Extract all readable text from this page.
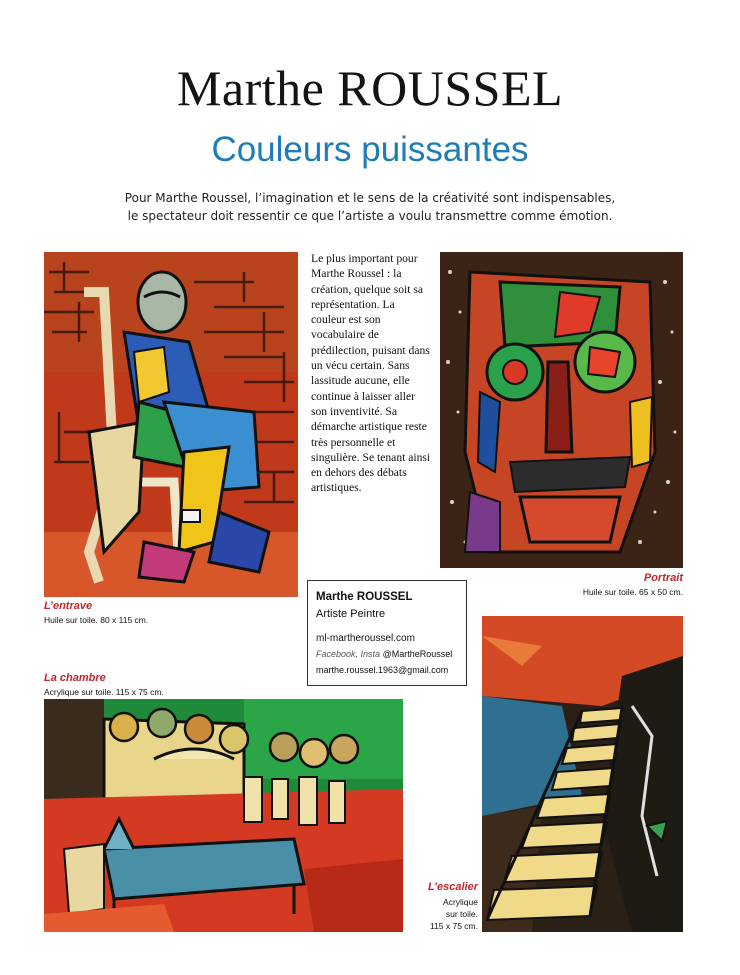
Marthe ROUSSEL
Couleurs puissantes
Pour Marthe Roussel, l’imagination et le sens de la créativité sont indispensables,
le spectateur doit ressentir ce que l’artiste a voulu transmettre comme émotion.
L’entrave
Huile sur toile. 80 x 115 cm.
Le plus important pour Marthe Roussel : la création, quelque soit sa représentation. La couleur est son vocabulaire de prédilection, puisant dans un vécu certain. Sans lassitude aucune, elle continue à laisser aller son inventivité. Sa démarche artistique reste très personnelle et singulière. Se tenant ainsi en dehors des débats artistiques.
Portrait
Huile sur toile. 65 x 50 cm.
Marthe ROUSSEL
Artiste Peintre
ml-martheroussel.com
Facebook, Insta @MartheRoussel
marthe.roussel.1963@gmail.com
La chambre
Acrylique sur toile. 115 x 75 cm.
L’escalier
Acrylique
sur toile.
115 x 75 cm.
